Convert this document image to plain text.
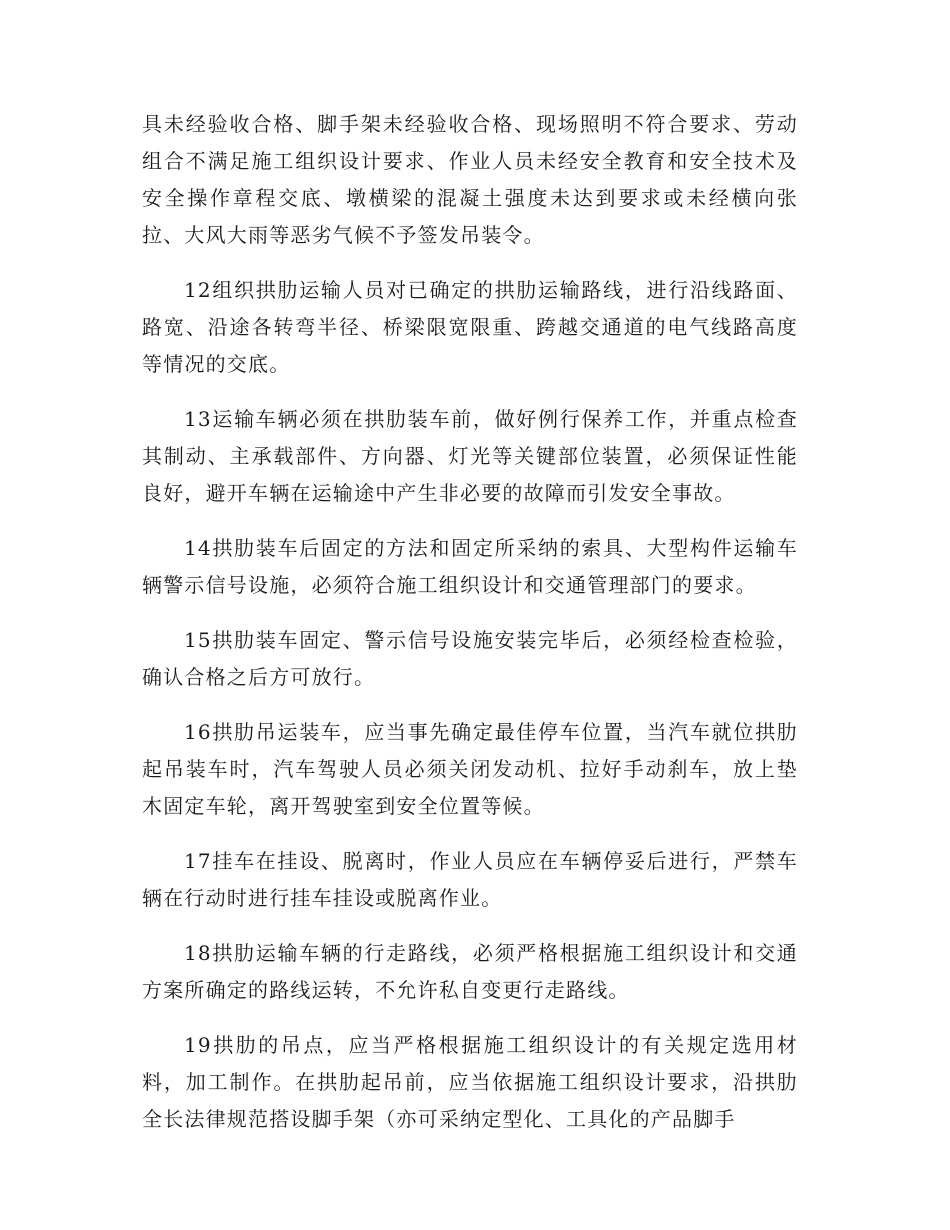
具未经验收合格、脚手架未经验收合格、现场照明不符合要求、劳动组合不满足施工组织设计要求、作业人员未经安全教育和安全技术及安全操作章程交底、墩横梁的混凝土强度未达到要求或未经横向张拉、大风大雨等恶劣气候不予签发吊装令。

12组织拱肋运输人员对已确定的拱肋运输路线，进行沿线路面、路宽、沿途各转弯半径、桥梁限宽限重、跨越交通道的电气线路高度等情况的交底。

13运输车辆必须在拱肋装车前，做好例行保养工作，并重点检查其制动、主承载部件、方向器、灯光等关键部位装置，必须保证性能良好，避开车辆在运输途中产生非必要的故障而引发安全事故。

14拱肋装车后固定的方法和固定所采纳的索具、大型构件运输车辆警示信号设施，必须符合施工组织设计和交通管理部门的要求。

15拱肋装车固定、警示信号设施安装完毕后，必须经检查检验，确认合格之后方可放行。

16拱肋吊运装车，应当事先确定最佳停车位置，当汽车就位拱肋起吊装车时，汽车驾驶人员必须关闭发动机、拉好手动刹车，放上垫木固定车轮，离开驾驶室到安全位置等候。

17挂车在挂设、脱离时，作业人员应在车辆停妥后进行，严禁车辆在行动时进行挂车挂设或脱离作业。

18拱肋运输车辆的行走路线，必须严格根据施工组织设计和交通方案所确定的路线运转，不允许私自变更行走路线。

19拱肋的吊点，应当严格根据施工组织设计的有关规定选用材料，加工制作。在拱肋起吊前，应当依据施工组织设计要求，沿拱肋全长法律规范搭设脚手架（亦可采纳定型化、工具化的产品脚手
